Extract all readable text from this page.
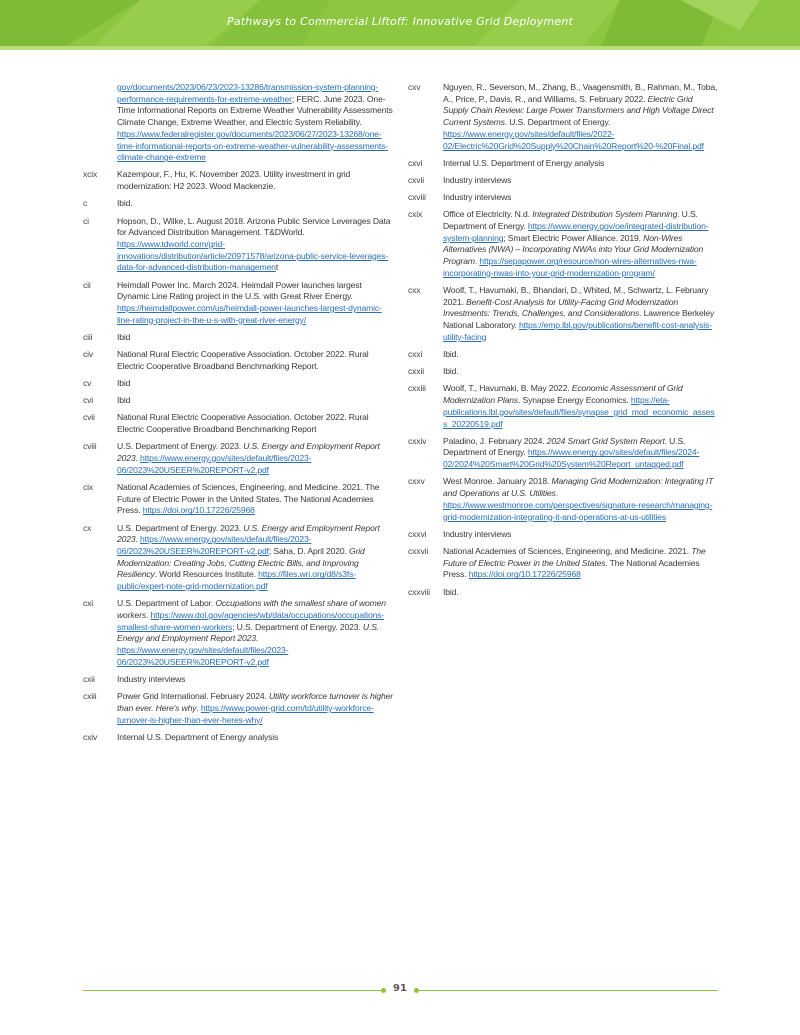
Pathways to Commercial Liftoff: Innovative Grid Deployment
gov/documents/2023/06/23/2023-13286/transmission-system-planning-performance-requirements-for-extreme-weather; FERC. June 2023. One-Time Informational Reports on Extreme Weather Vulnerability Assessments Climate Change, Extreme Weather, and Electric System Reliability. https://www.federalregister.gov/documents/2023/06/27/2023-13268/one-time-informational-reports-on-extreme-weather-vulnerability-assessments-climate-change-extreme
xcix	Kazempour, F., Hu, K. November 2023. Utility investment in grid modernization: H2 2023. Wood Mackenzie.
c	Ibid.
ci	Hopson, D., Wilke, L. August 2018. Arizona Public Service Leverages Data for Advanced Distribution Management. T&DWorld. https://www.tdworld.com/grid-innovations/distribution/article/20971578/arizona-public-service-leverages-data-for-advanced-distribution-management
cii	Heimdall Power Inc. March 2024. Heimdall Power launches largest Dynamic Line Rating project in the U.S. with Great River Energy. https://heimdallpower.com/us/heimdall-power-launches-largest-dynamic-line-rating-project-in-the-u-s-with-great-river-energy/
ciii	Ibid
civ	National Rural Electric Cooperative Association. October 2022. Rural Electric Cooperative Broadband Benchmarking Report.
cv	Ibid
cvi	Ibid
cvii	National Rural Electric Cooperative Association. October 2022. Rural Electric Cooperative Broadband Benchmarking Report
cviii	U.S. Department of Energy. 2023. U.S. Energy and Employment Report 2023. https://www.energy.gov/sites/default/files/2023-06/2023%20USEER%20REPORT-v2.pdf
cix	National Academies of Sciences, Engineering, and Medicine. 2021. The Future of Electric Power in the United States. The National Academies Press. https://doi.org/10.17226/25968
cx	U.S. Department of Energy. 2023. U.S. Energy and Employment Report 2023. https://www.energy.gov/sites/default/files/2023-06/2023%20USEER%20REPORT-v2.pdf; Saha, D. April 2020. Grid Modernization: Creating Jobs, Cutting Electric Bills, and Improving Resiliency. World Resources Institute. https://files.wri.org/d8/s3fs-public/expert-note-grid-modernization.pdf
cxi	U.S. Department of Labor. Occupations with the smallest share of women workers. https://www.dol.gov/agencies/wb/data/occupations/occupations-smallest-share-women-workers; U.S. Department of Energy. 2023. U.S. Energy and Employment Report 2023. https://www.energy.gov/sites/default/files/2023-06/2023%20USEER%20REPORT-v2.pdf
cxii	Industry interviews
cxiii	Power Grid International. February 2024. Utility workforce turnover is higher than ever. Here's why. https://www.power-grid.com/td/utility-workforce-turnover-is-higher-than-ever-heres-why/
cxiv	Internal U.S. Department of Energy analysis
cxv	Nguyen, R., Severson, M., Zhang, B., Vaagensmith, B., Rahman, M., Toba, A., Price, P., Davis, R., and Williams, S. February 2022. Electric Grid Supply Chain Review: Large Power Transformers and High Voltage Direct Current Systems. U.S. Department of Energy. https://www.energy.gov/sites/default/files/2022-02/Electric%20Grid%20Supply%20Chain%20Report%20-%20Final.pdf
cxvi	Internal U.S. Department of Energy analysis
cxvii	Industry interviews
cxviii	Industry interviews
cxix	Office of Electricity. N.d. Integrated Distribution System Planning. U.S. Department of Energy. https://www.energy.gov/oe/integrated-distribution-system-planning; Smart Electric Power Alliance. 2019. Non-Wires Alternatives (NWA) – Incorporating NWAs into Your Grid Modernization Program. https://sepapower.org/resource/non-wires-alternatives-nwa-incorporating-nwas-into-your-grid-modernization-program/
cxx	Woolf, T., Havumaki, B., Bhandari, D., Whited, M., Schwartz, L. February 2021. Benefit-Cost Analysis for Utility-Facing Grid Modernization Investments: Trends, Challenges, and Considerations. Lawrence Berkeley National Laboratory. https://emp.lbl.gov/publications/benefit-cost-analysis-utility-facing
cxxi	Ibid.
cxxii	Ibid.
cxxiii	Woolf, T., Havumaki, B. May 2022. Economic Assessment of Grid Modernization Plans. Synapse Energy Economics. https://eta-publications.lbl.gov/sites/default/files/synapse_grid_mod_economic_assess_20220519.pdf
cxxiv	Paladino, J. February 2024. 2024 Smart Grid System Report. U.S. Department of Energy. https://www.energy.gov/sites/default/files/2024-02/2024%20Smart%20Grid%20System%20Report_untagged.pdf
cxxv	West Monroe. January 2018. Managing Grid Modernization: Integrating IT and Operations at U.S. Utilities. https://www.westmonroe.com/perspectives/signature-research/managing-grid-modernization-integrating-it-and-operations-at-us-utilities
cxxvi	Industry interviews
cxxvii	National Academies of Sciences, Engineering, and Medicine. 2021. The Future of Electric Power in the United States. The National Academies Press. https://doi.org/10.17226/25968
cxxviii	Ibid.
91
